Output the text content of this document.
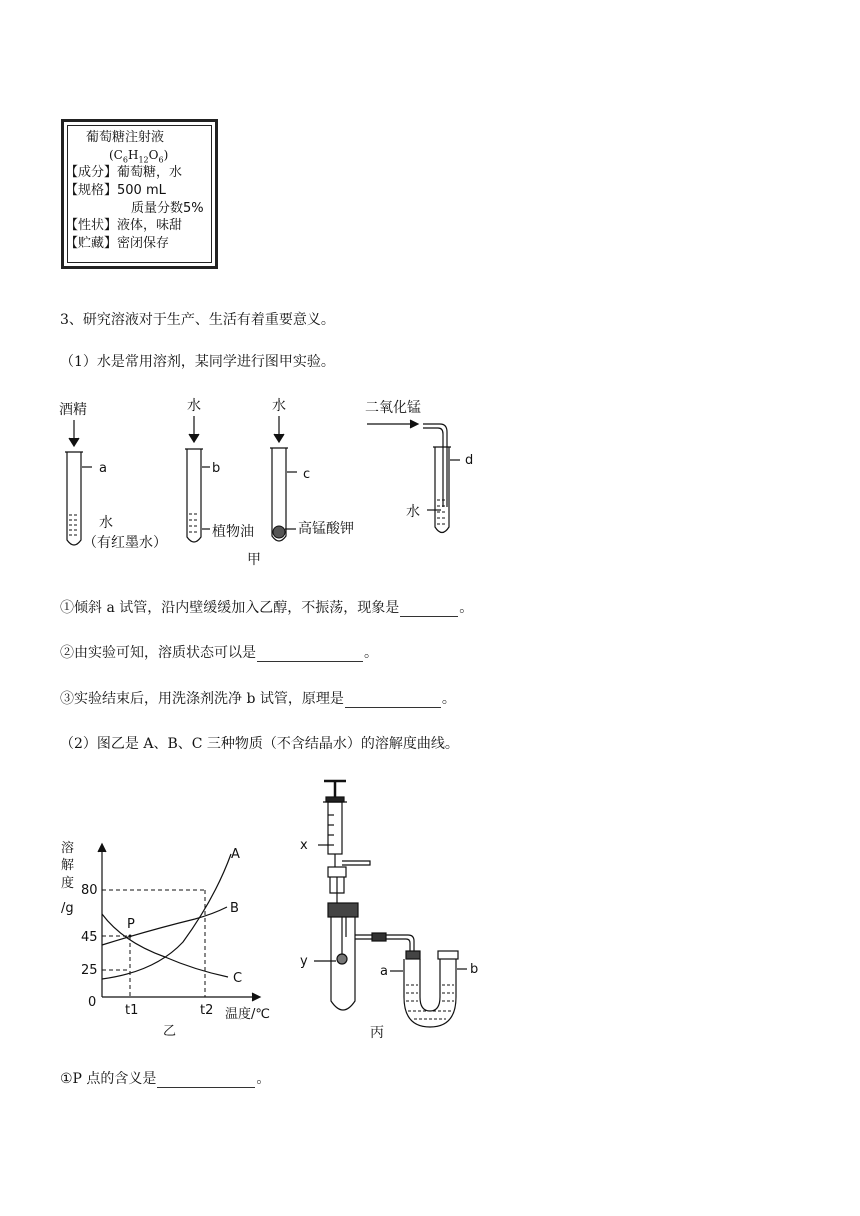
葡萄糖注射液
$(C_6H_{12}O_6)$
【成分】葡萄糖，水
【规格】500 mL
质量分数5%
【性状】液体，味甜
【贮藏】密闭保存
3、研究溶液对于生产、生活有着重要意义。
（1）水是常用溶剂，某同学进行图甲实验。
酒精	水	水	二氧化锰
a	b	c
d
水
（有红墨水）
植物油	高锰酸钾
水
甲
①倾斜 a 试管，沿内壁缓缓加入乙醇，不振荡，现象是	。
②由实验可知，溶质状态可以是	。
③实验结束后，用洗涤剂洗净 b 试管，原理是	。
（2）图乙是 A、B、C 三种物质（不含结晶水）的溶解度曲线。
溶
解
度
/g
80
45
25
0
t1	t2 温度/℃
P
A
B
C
乙
x
y
a	b
丙
①P 点的含义是	。
